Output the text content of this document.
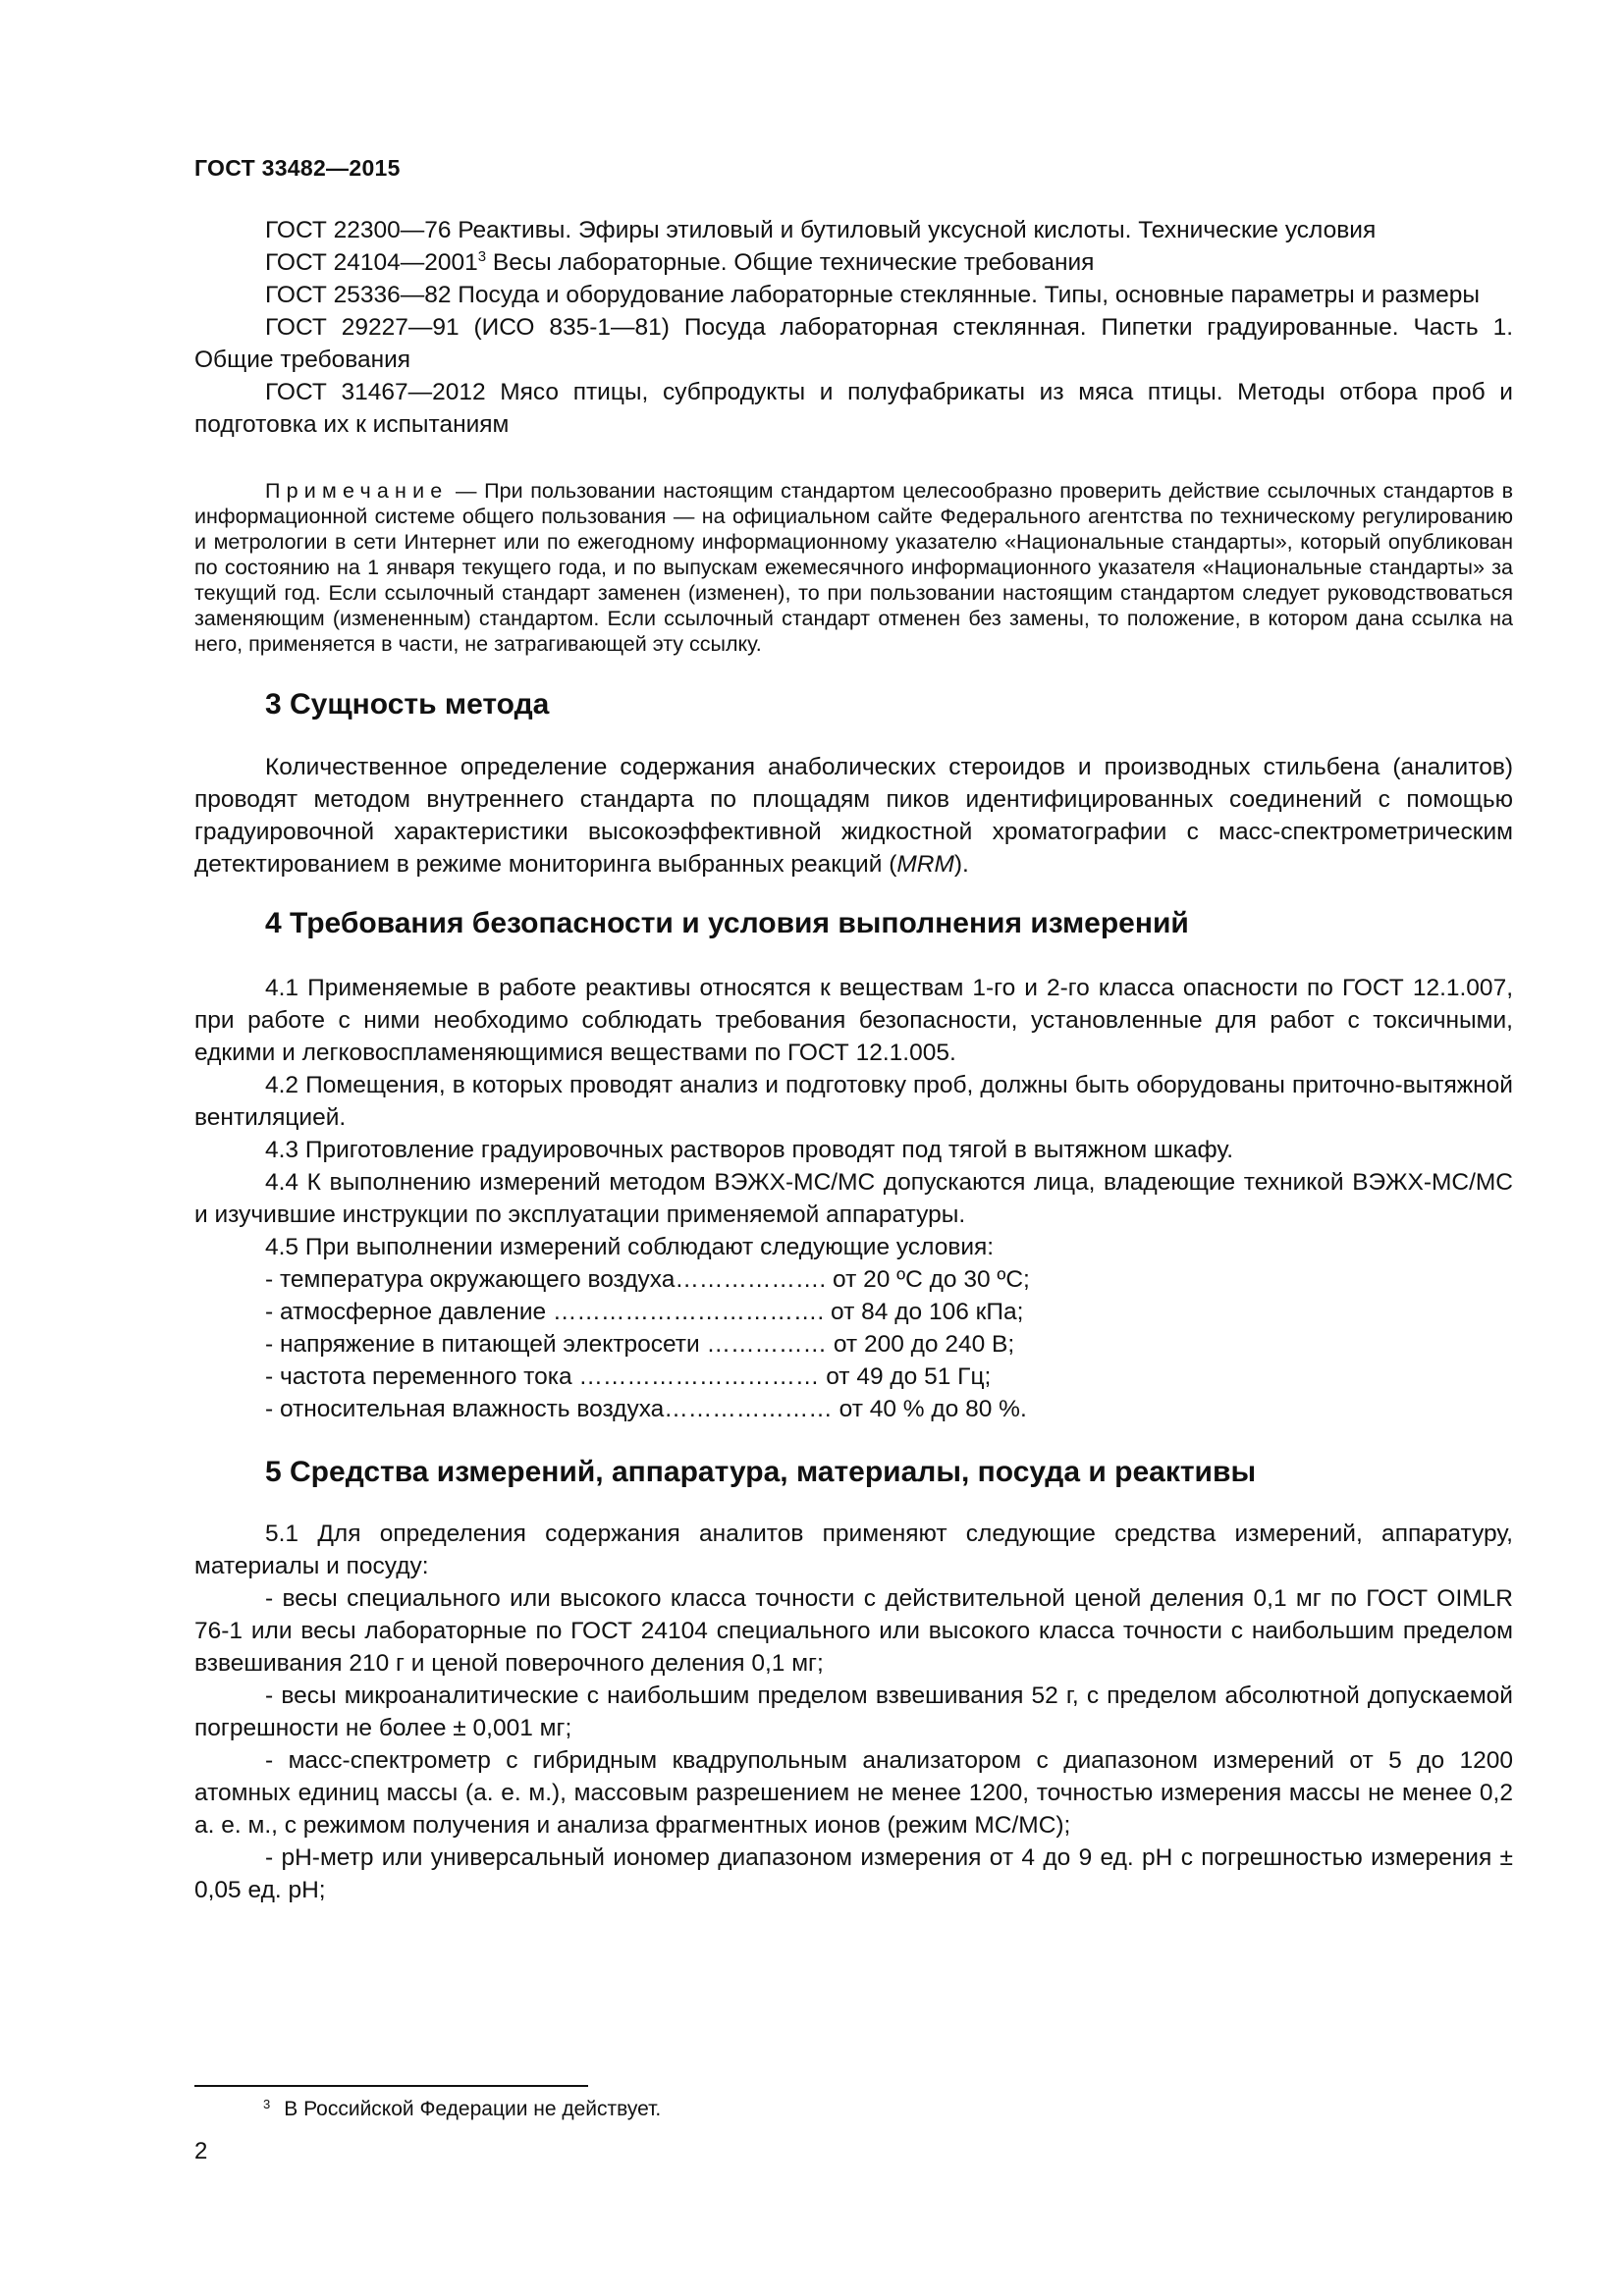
ГОСТ 33482—2015

ГОСТ 22300—76 Реактивы. Эфиры этиловый и бутиловый уксусной кислоты. Технические условия

ГОСТ 24104—2001$^3$ Весы лабораторные. Общие технические требования

ГОСТ 25336—82 Посуда и оборудование лабораторные стеклянные. Типы, основные параметры и размеры

ГОСТ 29227—91 (ИСО 835-1—81) Посуда лабораторная стеклянная. Пипетки градуированные. Часть 1. Общие требования

ГОСТ 31467—2012 Мясо птицы, субпродукты и полуфабрикаты из мяса птицы. Методы отбора проб и подготовка их к испытаниям

Примечание — При пользовании настоящим стандартом целесообразно проверить действие ссылочных стандартов в информационной системе общего пользования — на официальном сайте Федерального агентства по техническому регулированию и метрологии в сети Интернет или по ежегодному информационному указателю «Национальные стандарты», который опубликован по состоянию на 1 января текущего года, и по выпускам ежемесячного информационного указателя «Национальные стандарты» за текущий год. Если ссылочный стандарт заменен (изменен), то при пользовании настоящим стандартом следует руководствоваться заменяющим (измененным) стандартом. Если ссылочный стандарт отменен без замены, то положение, в котором дана ссылка на него, применяется в части, не затрагивающей эту ссылку.

3 Сущность метода

Количественное определение содержания анаболических стероидов и производных стильбена (аналитов) проводят методом внутреннего стандарта по площадям пиков идентифицированных соединений с помощью градуировочной характеристики высокоэффективной жидкостной хроматографии с масс-спектрометрическим детектированием в режиме мониторинга выбранных реакций (MRM).

4 Требования безопасности и условия выполнения измерений

4.1 Применяемые в работе реактивы относятся к веществам 1-го и 2-го класса опасности по ГОСТ 12.1.007, при работе с ними необходимо соблюдать требования безопасности, установленные для работ с токсичными, едкими и легковоспламеняющимися веществами по ГОСТ 12.1.005.

4.2 Помещения, в которых проводят анализ и подготовку проб, должны быть оборудованы приточно-вытяжной вентиляцией.

4.3 Приготовление градуировочных растворов проводят под тягой в вытяжном шкафу.

4.4 К выполнению измерений методом ВЭЖХ-МС/МС допускаются лица, владеющие техникой ВЭЖХ-МС/МС и изучившие инструкции по эксплуатации применяемой аппаратуры.

4.5 При выполнении измерений соблюдают следующие условия:

- температура окружающего воздуха………………. от 20 ºС до 30 ºС;

- атмосферное давление ……………………………. от 84 до 106 кПа;

- напряжение в питающей электросети …………… от 200 до 240 В;

- частота переменного тока ………………………… от 49 до 51 Гц;

- относительная влажность воздуха………………… от 40 % до 80 %.

5 Средства измерений, аппаратура, материалы, посуда и реактивы

5.1 Для определения содержания аналитов применяют следующие средства измерений, аппаратуру, материалы и посуду:

- весы специального или высокого класса точности с действительной ценой деления 0,1 мг по ГОСТ OIMLR 76-1 или весы лабораторные по ГОСТ 24104 специального или высокого класса точности с наибольшим пределом взвешивания 210 г и ценой поверочного деления 0,1 мг;

- весы микроаналитические с наибольшим пределом взвешивания 52 г, с пределом абсолютной допускаемой погрешности не более ± 0,001 мг;

- масс-спектрометр с гибридным квадрупольным анализатором с диапазоном измерений от 5 до 1200 атомных единиц массы (а. е. м.), массовым разрешением не менее 1200, точностью измерения массы не менее 0,2 а. е. м., с режимом получения и анализа фрагментных ионов (режим МС/МС);

- рН-метр или универсальный иономер диапазоном измерения от 4 до 9 ед. рН с погрешностью измерения ± 0,05 ед. рН;

$^3$ В Российской Федерации не действует.
2
